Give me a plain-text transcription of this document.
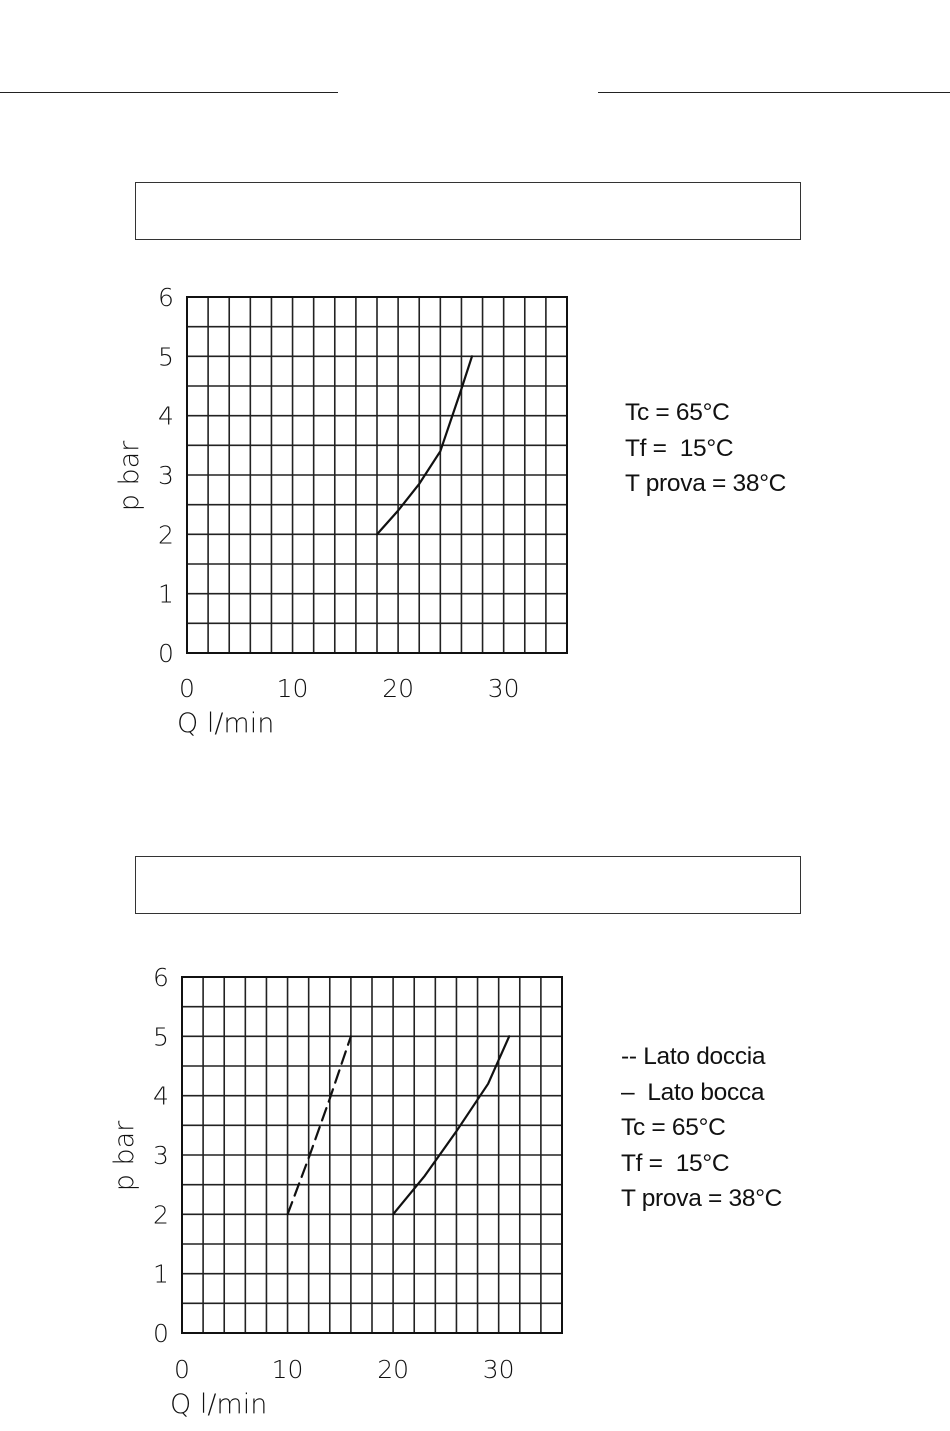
0
1
2
3
4
5
6
0	10	20	30
Q l/min
p bar
Tc = 65°C
Tf =  15°C
T prova = 38°C
0
1
2
3
4
5
6
0	10	20	30
Q l/min
p bar
-- Lato doccia
–  Lato bocca
Tc = 65°C
Tf =  15°C
T prova = 38°C
